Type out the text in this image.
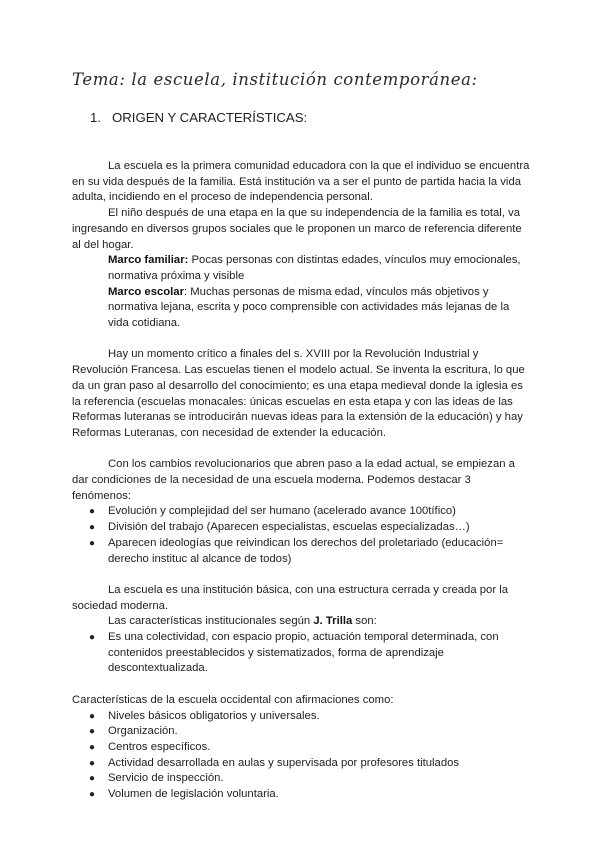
Tema: la escuela, institución contemporánea:
1. ORIGEN Y CARACTERÍSTICAS:

La escuela es la primera comunidad educadora con la que el individuo se encuentra en su vida después de la familia. Está institución va a ser el punto de partida hacia la vida adulta, incidiendo en el proceso de independencia personal.

El niño después de una etapa en la que su independencia de la familia es total, va ingresando en diversos grupos sociales que le proponen un marco de referencia diferente al del hogar.

Marco familiar: Pocas personas con distintas edades, vínculos muy emocionales, normativa próxima y visible

Marco escolar: Muchas personas de misma edad, vínculos más objetivos y normativa lejana, escrita y poco comprensible con actividades más lejanas de la vida cotidiana.

Hay un momento crítico a finales del s. XVIII por la Revolución Industrial y Revolución Francesa. Las escuelas tienen el modelo actual. Se inventa la escritura, lo que da un gran paso al desarrollo del conocimiento; es una etapa medieval donde la iglesia es la referencia (escuelas monacales: únicas escuelas en esta etapa y con las ideas de las Reformas luteranas se introducirán nuevas ideas para la extensión de la educación) y hay Reformas Luteranas, con necesidad de extender la educación.

Con los cambios revolucionarios que abren paso a la edad actual, se empiezan a dar condiciones de la necesidad de una escuela moderna. Podemos destacar 3 fenómenos:

● Evolución y complejidad del ser humano (acelerado avance 100tífico)
● División del trabajo (Aparecen especialistas, escuelas especializadas…)
● Aparecen ideologías que reivindican los derechos del proletariado (educación= derecho instituc al alcance de todos)

La escuela es una institución básica, con una estructura cerrada y creada por la sociedad moderna.

Las características institucionales según J. Trilla son:

● Es una colectividad, con espacio propio, actuación temporal determinada, con contenidos preestablecidos y sistematizados, forma de aprendizaje descontextualizada.

Características de la escuela occidental con afirmaciones como:

● Niveles básicos obligatorios y universales.
● Organización.
● Centros específicos.
● Actividad desarrollada en aulas y supervisada por profesores titulados
● Servicio de inspección.
● Volumen de legislación voluntaria.
